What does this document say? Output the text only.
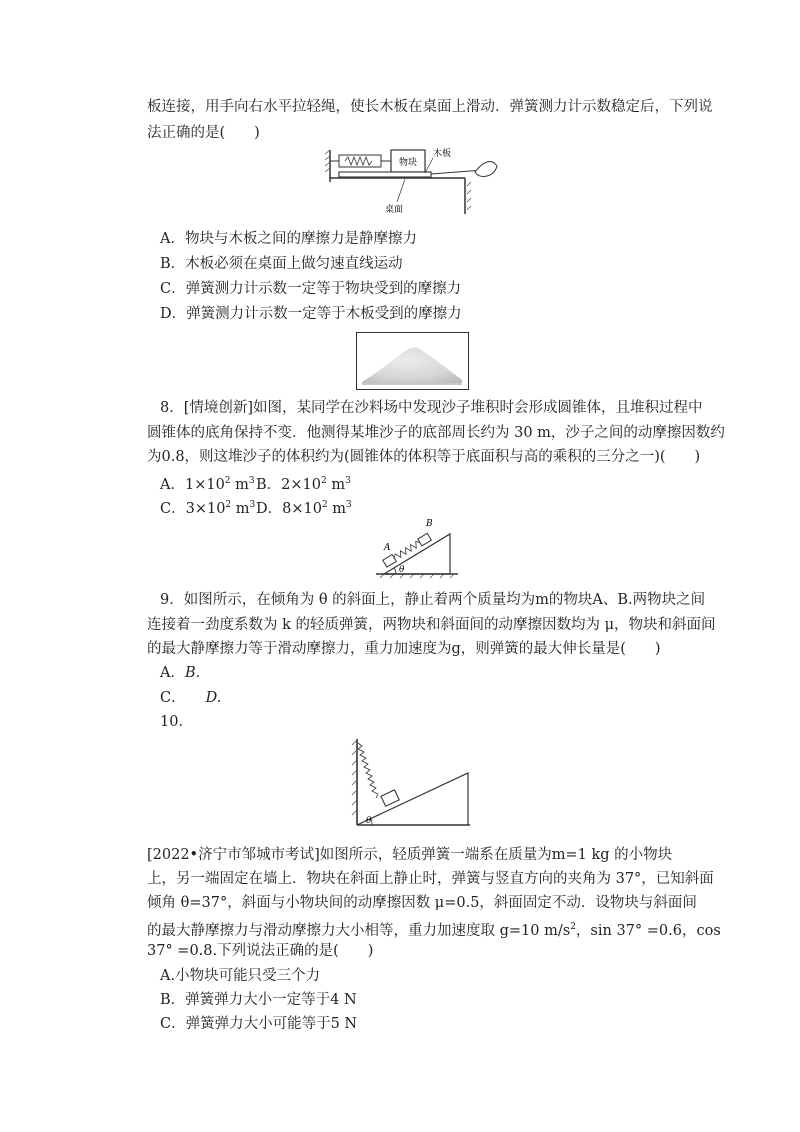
板连接，用手向右水平拉轻绳，使长木板在桌面上滑动．弹簧测力计示数稳定后，下列说
法正确的是(　　)
物块
木板
桌面
A．物块与木板之间的摩擦力是静摩擦力
B．木板必须在桌面上做匀速直线运动
C．弹簧测力计示数一定等于物块受到的摩擦力
D．弹簧测力计示数一定等于木板受到的摩擦力
8．[情境创新]如图，某同学在沙料场中发现沙子堆积时会形成圆锥体，且堆积过程中
圆锥体的底角保持不变．他测得某堆沙子的底部周长约为 30 m，沙子之间的动摩擦因数约
为0.8，则这堆沙子的体积约为(圆锥体的体积等于底面积与高的乘积的三分之一)(　　)
A．$1\times 10^2$ $m^3$ B．$2\times 10^2$ $m^3$
C．$3\times 10^2$ $m^3$ D．$8\times 10^2$ $m^3$
θ
A
B
9．如图所示，在倾角为 θ 的斜面上，静止着两个质量均为m的物块A、B.两物块之间
连接着一劲度系数为 k 的轻质弹簧，两物块和斜面间的动摩擦因数均为 μ，物块和斜面间
的最大静摩擦力等于滑动摩擦力，重力加速度为g，则弹簧的最大伸长量是(　　)
A．B.
C． D.
10．
θ
[2022•济宁市邹城市考试]如图所示，轻质弹簧一端系在质量为m=1 kg 的小物块
上，另一端固定在墙上．物块在斜面上静止时，弹簧与竖直方向的夹角为 37°，已知斜面
倾角 θ=37°，斜面与小物块间的动摩擦因数 μ=0.5，斜面固定不动．设物块与斜面间
的最大静摩擦力与滑动摩擦力大小相等，重力加速度取 g=10 $m/s^2$，sin 37° =0.6，cos
37° =0.8.下列说法正确的是(　　)
A.小物块可能只受三个力
B．弹簧弹力大小一定等于4 N
C．弹簧弹力大小可能等于5 N
